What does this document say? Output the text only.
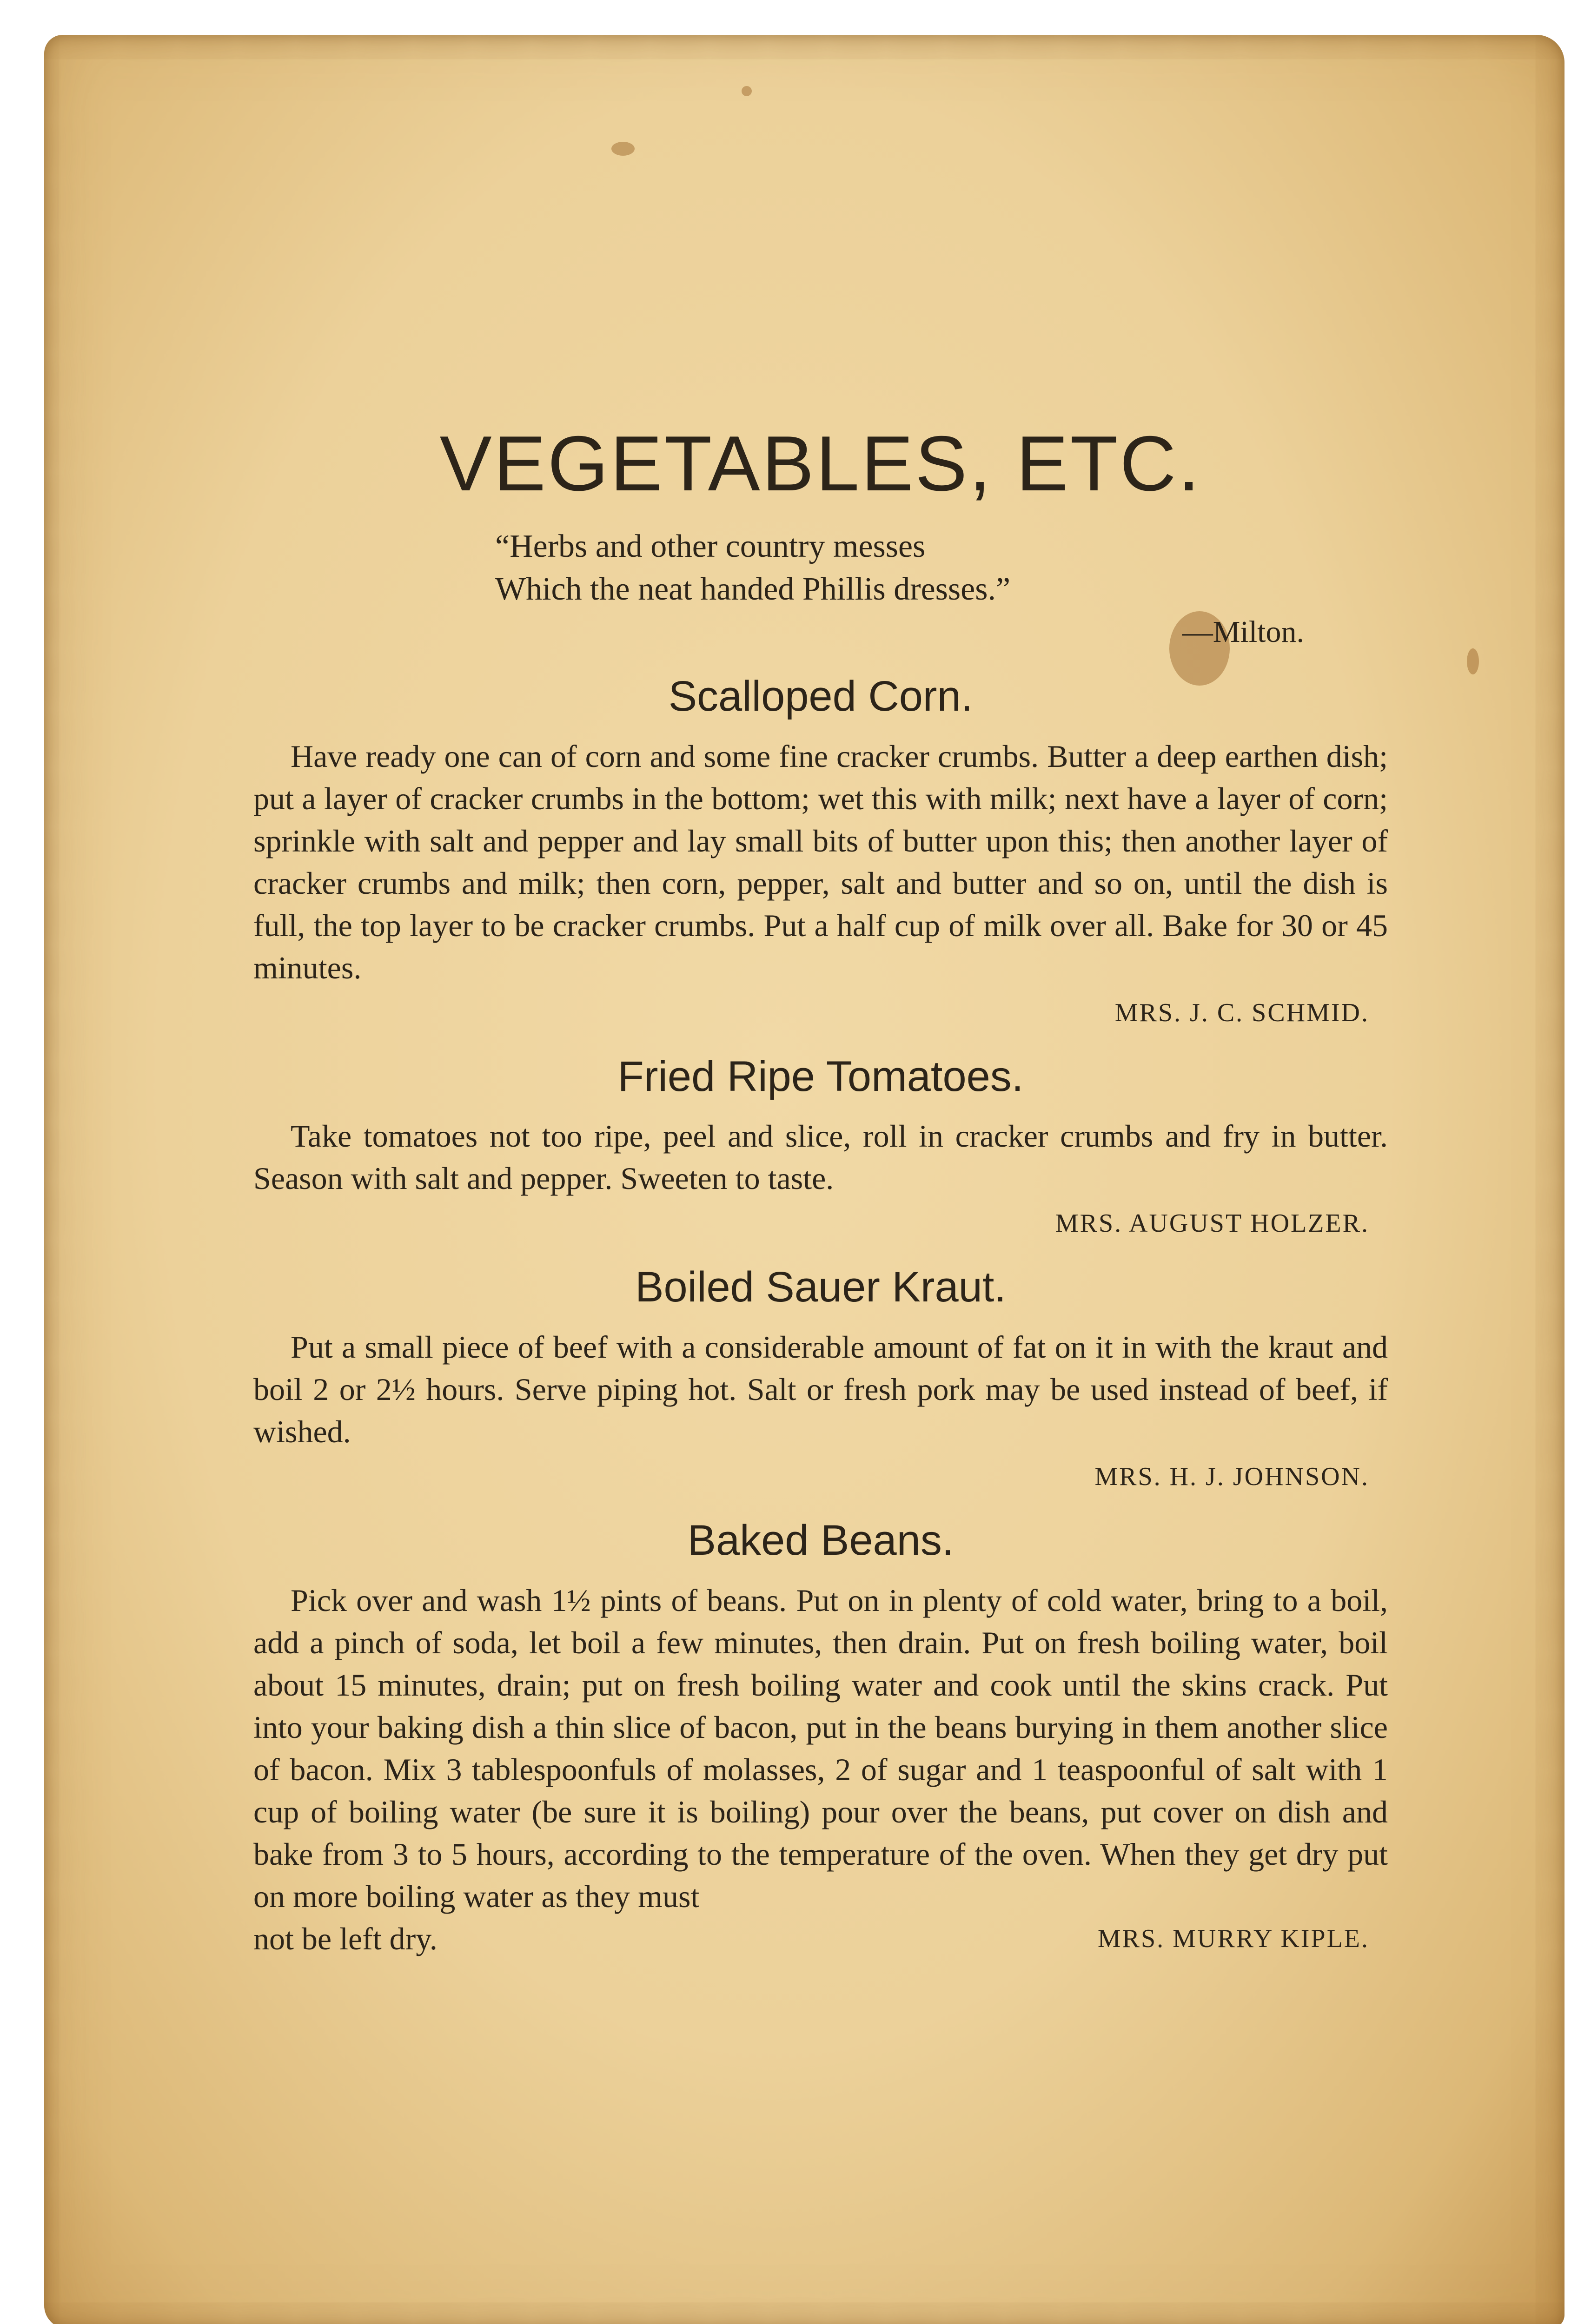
VEGETABLES, ETC.
“Herbs and other country messes
Which the neat handed Phillis dresses.”
—Milton.
Scalloped Corn.

Have ready one can of corn and some fine cracker crumbs. Butter a deep earthen dish; put a layer of cracker crumbs in the bottom; wet this with milk; next have a layer of corn; sprinkle with salt and pepper and lay small bits of butter upon this; then another layer of cracker crumbs and milk; then corn, pepper, salt and butter and so on, until the dish is full, the top layer to be cracker crumbs. Put a half cup of milk over all. Bake for 30 or 45 minutes.

MRS. J. C. SCHMID.
Fried Ripe Tomatoes.

Take tomatoes not too ripe, peel and slice, roll in cracker crumbs and fry in butter. Season with salt and pepper. Sweeten to taste.

MRS. AUGUST HOLZER.
Boiled Sauer Kraut.

Put a small piece of beef with a considerable amount of fat on it in with the kraut and boil 2 or 2½ hours. Serve piping hot. Salt or fresh pork may be used instead of beef, if wished.

MRS. H. J. JOHNSON.
Baked Beans.

Pick over and wash 1½ pints of beans. Put on in plenty of cold water, bring to a boil, add a pinch of soda, let boil a few minutes, then drain. Put on fresh boiling water, boil about 15 minutes, drain; put on fresh boiling water and cook until the skins crack. Put into your baking dish a thin slice of bacon, put in the beans burying in them another slice of bacon. Mix 3 tablespoonfuls of molasses, 2 of sugar and 1 teaspoonful of salt with 1 cup of boiling water (be sure it is boiling) pour over the beans, put cover on dish and bake from 3 to 5 hours, according to the temperature of the oven. When they get dry put on more boiling water as they must

not be left dry.	MRS. MURRY KIPLE.
